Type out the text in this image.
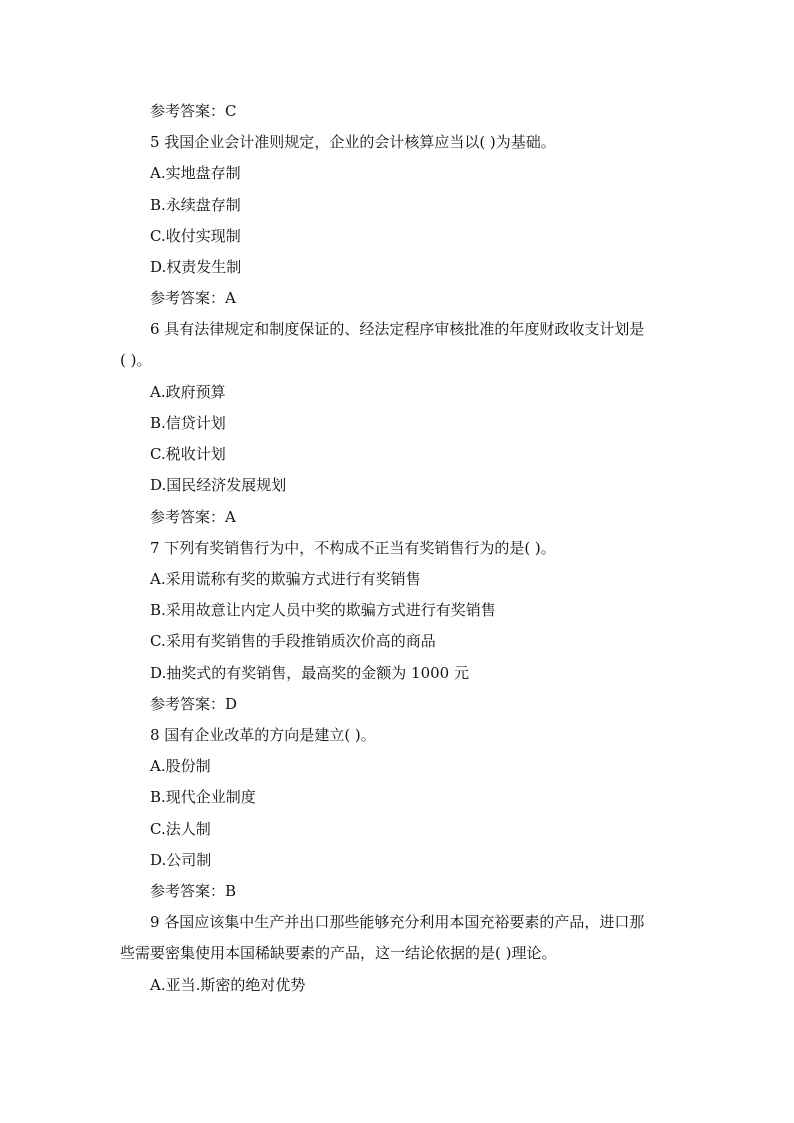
参考答案：C
5 我国企业会计准则规定，企业的会计核算应当以( )为基础。
A.实地盘存制
B.永续盘存制
C.收付实现制
D.权责发生制
参考答案：A
6 具有法律规定和制度保证的、经法定程序审核批准的年度财政收支计划是
( )。
A.政府预算
B.信贷计划
C.税收计划
D.国民经济发展规划
参考答案：A
7 下列有奖销售行为中，不构成不正当有奖销售行为的是( )。
A.采用谎称有奖的欺骗方式进行有奖销售
B.采用故意让内定人员中奖的欺骗方式进行有奖销售
C.采用有奖销售的手段推销质次价高的商品
D.抽奖式的有奖销售，最高奖的金额为 1000 元
参考答案：D
8 国有企业改革的方向是建立( )。
A.股份制
B.现代企业制度
C.法人制
D.公司制
参考答案：B
9 各国应该集中生产并出口那些能够充分利用本国充裕要素的产品，进口那
些需要密集使用本国稀缺要素的产品，这一结论依据的是( )理论。
A.亚当.斯密的绝对优势
